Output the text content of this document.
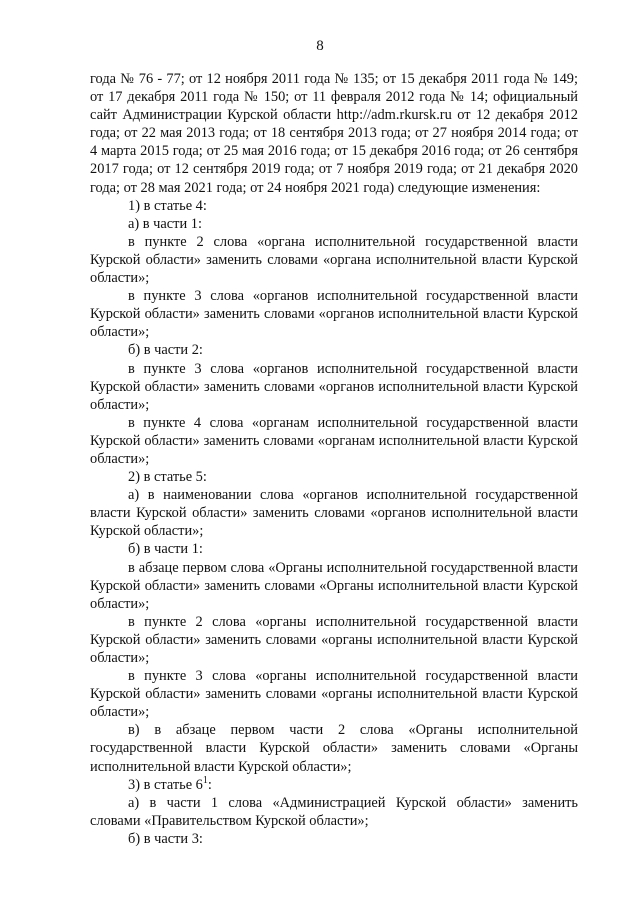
8

года № 76 - 77; от 12 ноября 2011 года № 135; от 15 декабря 2011 года № 149; от 17 декабря 2011 года № 150; от 11 февраля 2012 года № 14; официальный сайт Администрации Курской области http://adm.rkursk.ru от 12 декабря 2012 года; от 22 мая 2013 года; от 18 сентября 2013 года; от 27 ноября 2014 года; от 4 марта 2015 года; от 25 мая 2016 года; от 15 декабря 2016 года; от 26 сентября 2017 года; от 12 сентября 2019 года; от 7 ноября 2019 года; от 21 декабря 2020 года; от 28 мая 2021 года; от 24 ноября 2021 года) следующие изменения:

1) в статье 4:

а) в части 1:

в пункте 2 слова «органа исполнительной государственной власти Курской области» заменить словами «органа исполнительной власти Курской области»;

в пункте 3 слова «органов исполнительной государственной власти Курской области» заменить словами «органов исполнительной власти Курской области»;

б) в части 2:

в пункте 3 слова «органов исполнительной государственной власти Курской области» заменить словами «органов исполнительной власти Курской области»;

в пункте 4 слова «органам исполнительной государственной власти Курской области» заменить словами «органам исполнительной власти Курской области»;

2) в статье 5:

а) в наименовании слова «органов исполнительной государственной власти Курской области» заменить словами «органов исполнительной власти Курской области»;

б) в части 1:

в абзаце первом слова «Органы исполнительной государственной власти Курской области» заменить словами «Органы исполнительной власти Курской области»;

в пункте 2 слова «органы исполнительной государственной власти Курской области» заменить словами «органы исполнительной власти Курской области»;

в пункте 3 слова «органы исполнительной государственной власти Курской области» заменить словами «органы исполнительной власти Курской области»;

в) в абзаце первом части 2 слова «Органы исполнительной государственной власти Курской области» заменить словами «Органы исполнительной власти Курской области»;

3) в статье $6^1$:

а) в части 1 слова «Администрацией Курской области» заменить словами «Правительством Курской области»;

б) в части 3:
